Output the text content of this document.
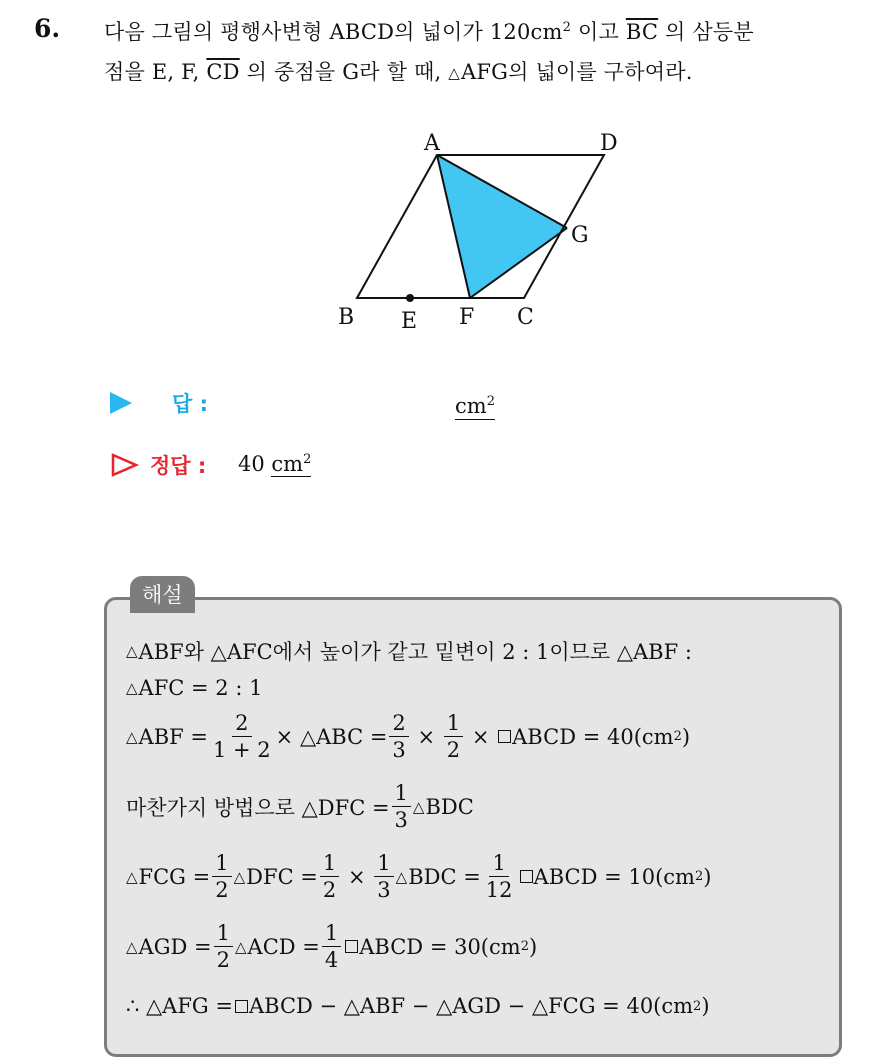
6. 다음 그림의 평행사변형 ABCD의 넓이가 $120cm^2$ 이고 $\overline{BC}$ 의 삼등분
점을 E, F, $\overline{CD}$ 의 중점을 G라 할 때, △AFG의 넓이를 구하여라.
A	D
G
B E F C
답 :	$cm^2$
정답 : 40 $cm^2$
해설
△ ABF와 △AFC에서 높이가 같고 밑변이 2 : 1이므로 △ABF :
△ AFC = 2 : 1
△ ABF = $\frac{2}{1 + 2}$ × △ABC = $\frac{2}{3}$
×
$\frac{1}{2}$
×
ABCD = 40(cm 2 )
마찬가지 방법으로 △DFC = $\frac{1}{3}$ △ BDC
△ FCG = $\frac{1}{2}$ △ DFC = $\frac{1}{2}$
×
$\frac{1}{3}$ △ BDC = $\frac{1}{12}$ ABCD = 10(cm 2 )
△ AGD = $\frac{1}{2}$ △ ACD = $\frac{1}{4}$ ABCD = 30(cm 2 )
∴ △AFG = ABCD − △ABF − △AGD − △FCG = 40(cm 2 )
